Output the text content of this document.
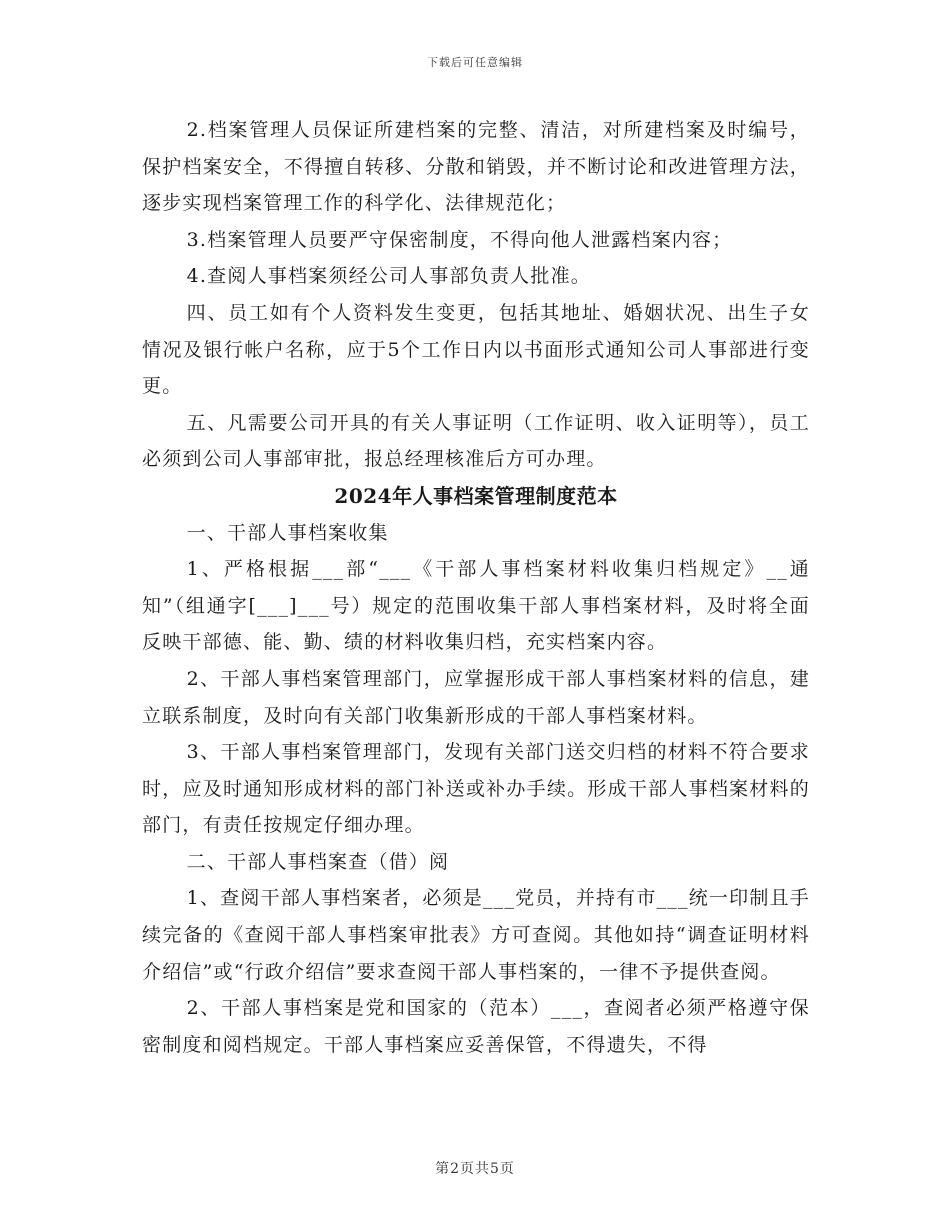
下载后可任意编辑

2.档案管理人员保证所建档案的完整、清洁，对所建档案及时编号，保护档案安全，不得擅自转移、分散和销毁，并不断讨论和改进管理方法，逐步实现档案管理工作的科学化、法律规范化；

3.档案管理人员要严守保密制度，不得向他人泄露档案内容；

4.查阅人事档案须经公司人事部负责人批准。

四、员工如有个人资料发生变更，包括其地址、婚姻状况、出生子女情况及银行帐户名称，应于5个工作日内以书面形式通知公司人事部进行变更。

五、凡需要公司开具的有关人事证明（工作证明、收入证明等），员工必须到公司人事部审批，报总经理核准后方可办理。

2024年人事档案管理制度范本

一、干部人事档案收集

1、严格根据___部“___《干部人事档案材料收集归档规定》__通知”（组通字[___]___号）规定的范围收集干部人事档案材料，及时将全面反映干部德、能、勤、绩的材料收集归档，充实档案内容。

2、干部人事档案管理部门，应掌握形成干部人事档案材料的信息，建立联系制度，及时向有关部门收集新形成的干部人事档案材料。

3、干部人事档案管理部门，发现有关部门送交归档的材料不符合要求时，应及时通知形成材料的部门补送或补办手续。形成干部人事档案材料的部门，有责任按规定仔细办理。

二、干部人事档案查（借）阅

1、查阅干部人事档案者，必须是___党员，并持有市___统一印制且手续完备的《查阅干部人事档案审批表》方可查阅。其他如持“调查证明材料介绍信”或“行政介绍信”要求查阅干部人事档案的，一律不予提供查阅。

2、干部人事档案是党和国家的（范本）___，查阅者必须严格遵守保密制度和阅档规定。干部人事档案应妥善保管，不得遗失，不得

第2页共5页
